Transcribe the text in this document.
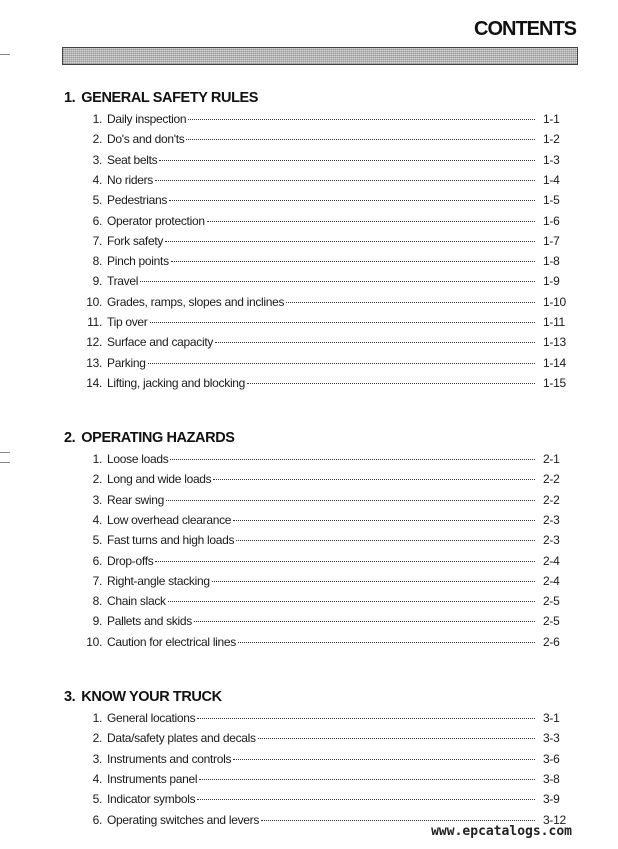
CONTENTS
1. GENERAL SAFETY RULES
1. Daily inspection	1-1
2. Do's and don'ts	1-2
3. Seat belts	1-3
4. No riders	1-4
5. Pedestrians	1-5
6. Operator protection	1-6
7. Fork safety	1-7
8. Pinch points	1-8
9. Travel	1-9
10. Grades, ramps, slopes and inclines	1-10
11. Tip over	1-11
12. Surface and capacity	1-13
13. Parking	1-14
14. Lifting, jacking and blocking	1-15
2. OPERATING HAZARDS
1. Loose loads	2-1
2. Long and wide loads	2-2
3. Rear swing	2-2
4. Low overhead clearance	2-3
5. Fast turns and high loads	2-3
6. Drop-offs	2-4
7. Right-angle stacking	2-4
8. Chain slack	2-5
9. Pallets and skids	2-5
10. Caution for electrical lines	2-6
3. KNOW YOUR TRUCK
1. General locations	3-1
2. Data/safety plates and decals	3-3
3. Instruments and controls	3-6
4. Instruments panel	3-8
5. Indicator symbols	3-9
6. Operating switches and levers	3-12
www.epcatalogs.com
